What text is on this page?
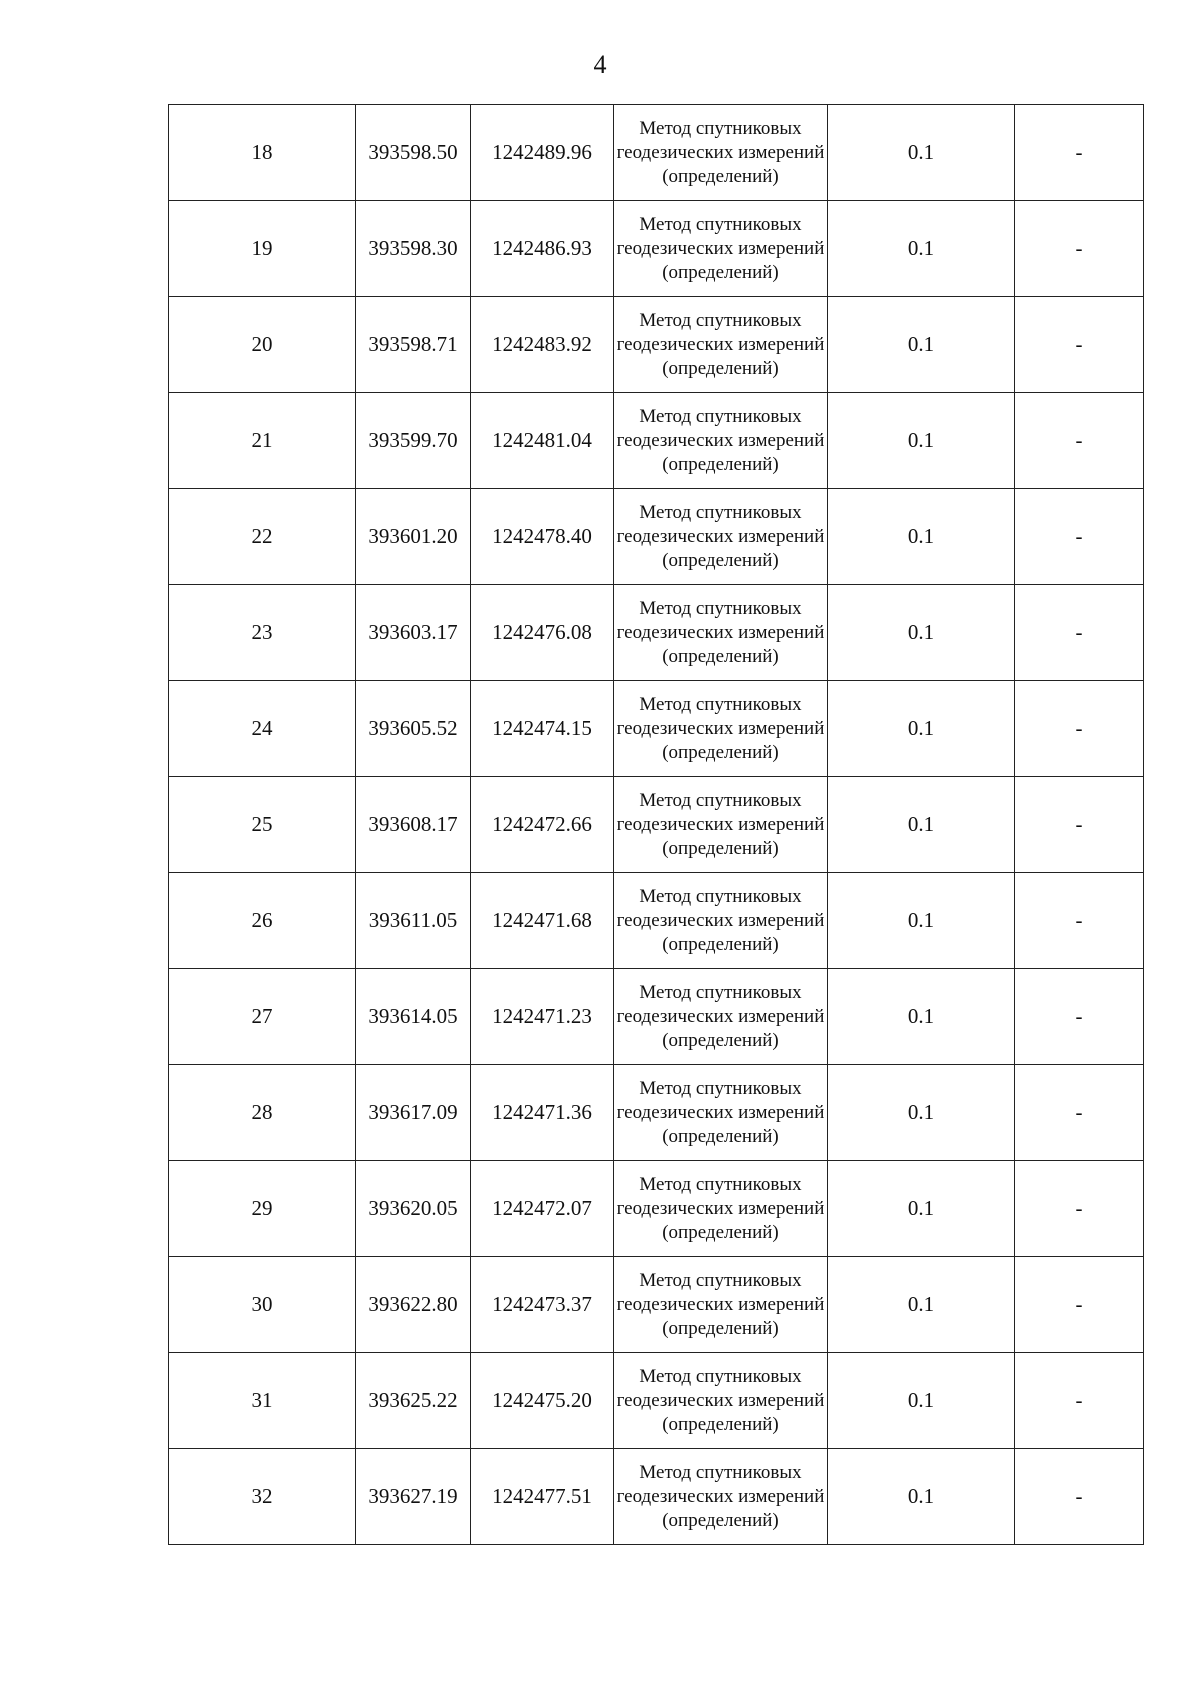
4
18	393598.50	1242489.96	Метод спутниковых геодезических измерений (определений)	0.1	-
19	393598.30	1242486.93	Метод спутниковых геодезических измерений (определений)	0.1	-
20	393598.71	1242483.92	Метод спутниковых геодезических измерений (определений)	0.1	-
21	393599.70	1242481.04	Метод спутниковых геодезических измерений (определений)	0.1	-
22	393601.20	1242478.40	Метод спутниковых геодезических измерений (определений)	0.1	-
23	393603.17	1242476.08	Метод спутниковых геодезических измерений (определений)	0.1	-
24	393605.52	1242474.15	Метод спутниковых геодезических измерений (определений)	0.1	-
25	393608.17	1242472.66	Метод спутниковых геодезических измерений (определений)	0.1	-
26	393611.05	1242471.68	Метод спутниковых геодезических измерений (определений)	0.1	-
27	393614.05	1242471.23	Метод спутниковых геодезических измерений (определений)	0.1	-
28	393617.09	1242471.36	Метод спутниковых геодезических измерений (определений)	0.1	-
29	393620.05	1242472.07	Метод спутниковых геодезических измерений (определений)	0.1	-
30	393622.80	1242473.37	Метод спутниковых геодезических измерений (определений)	0.1	-
31	393625.22	1242475.20	Метод спутниковых геодезических измерений (определений)	0.1	-
32	393627.19	1242477.51	Метод спутниковых геодезических измерений (определений)	0.1	-
